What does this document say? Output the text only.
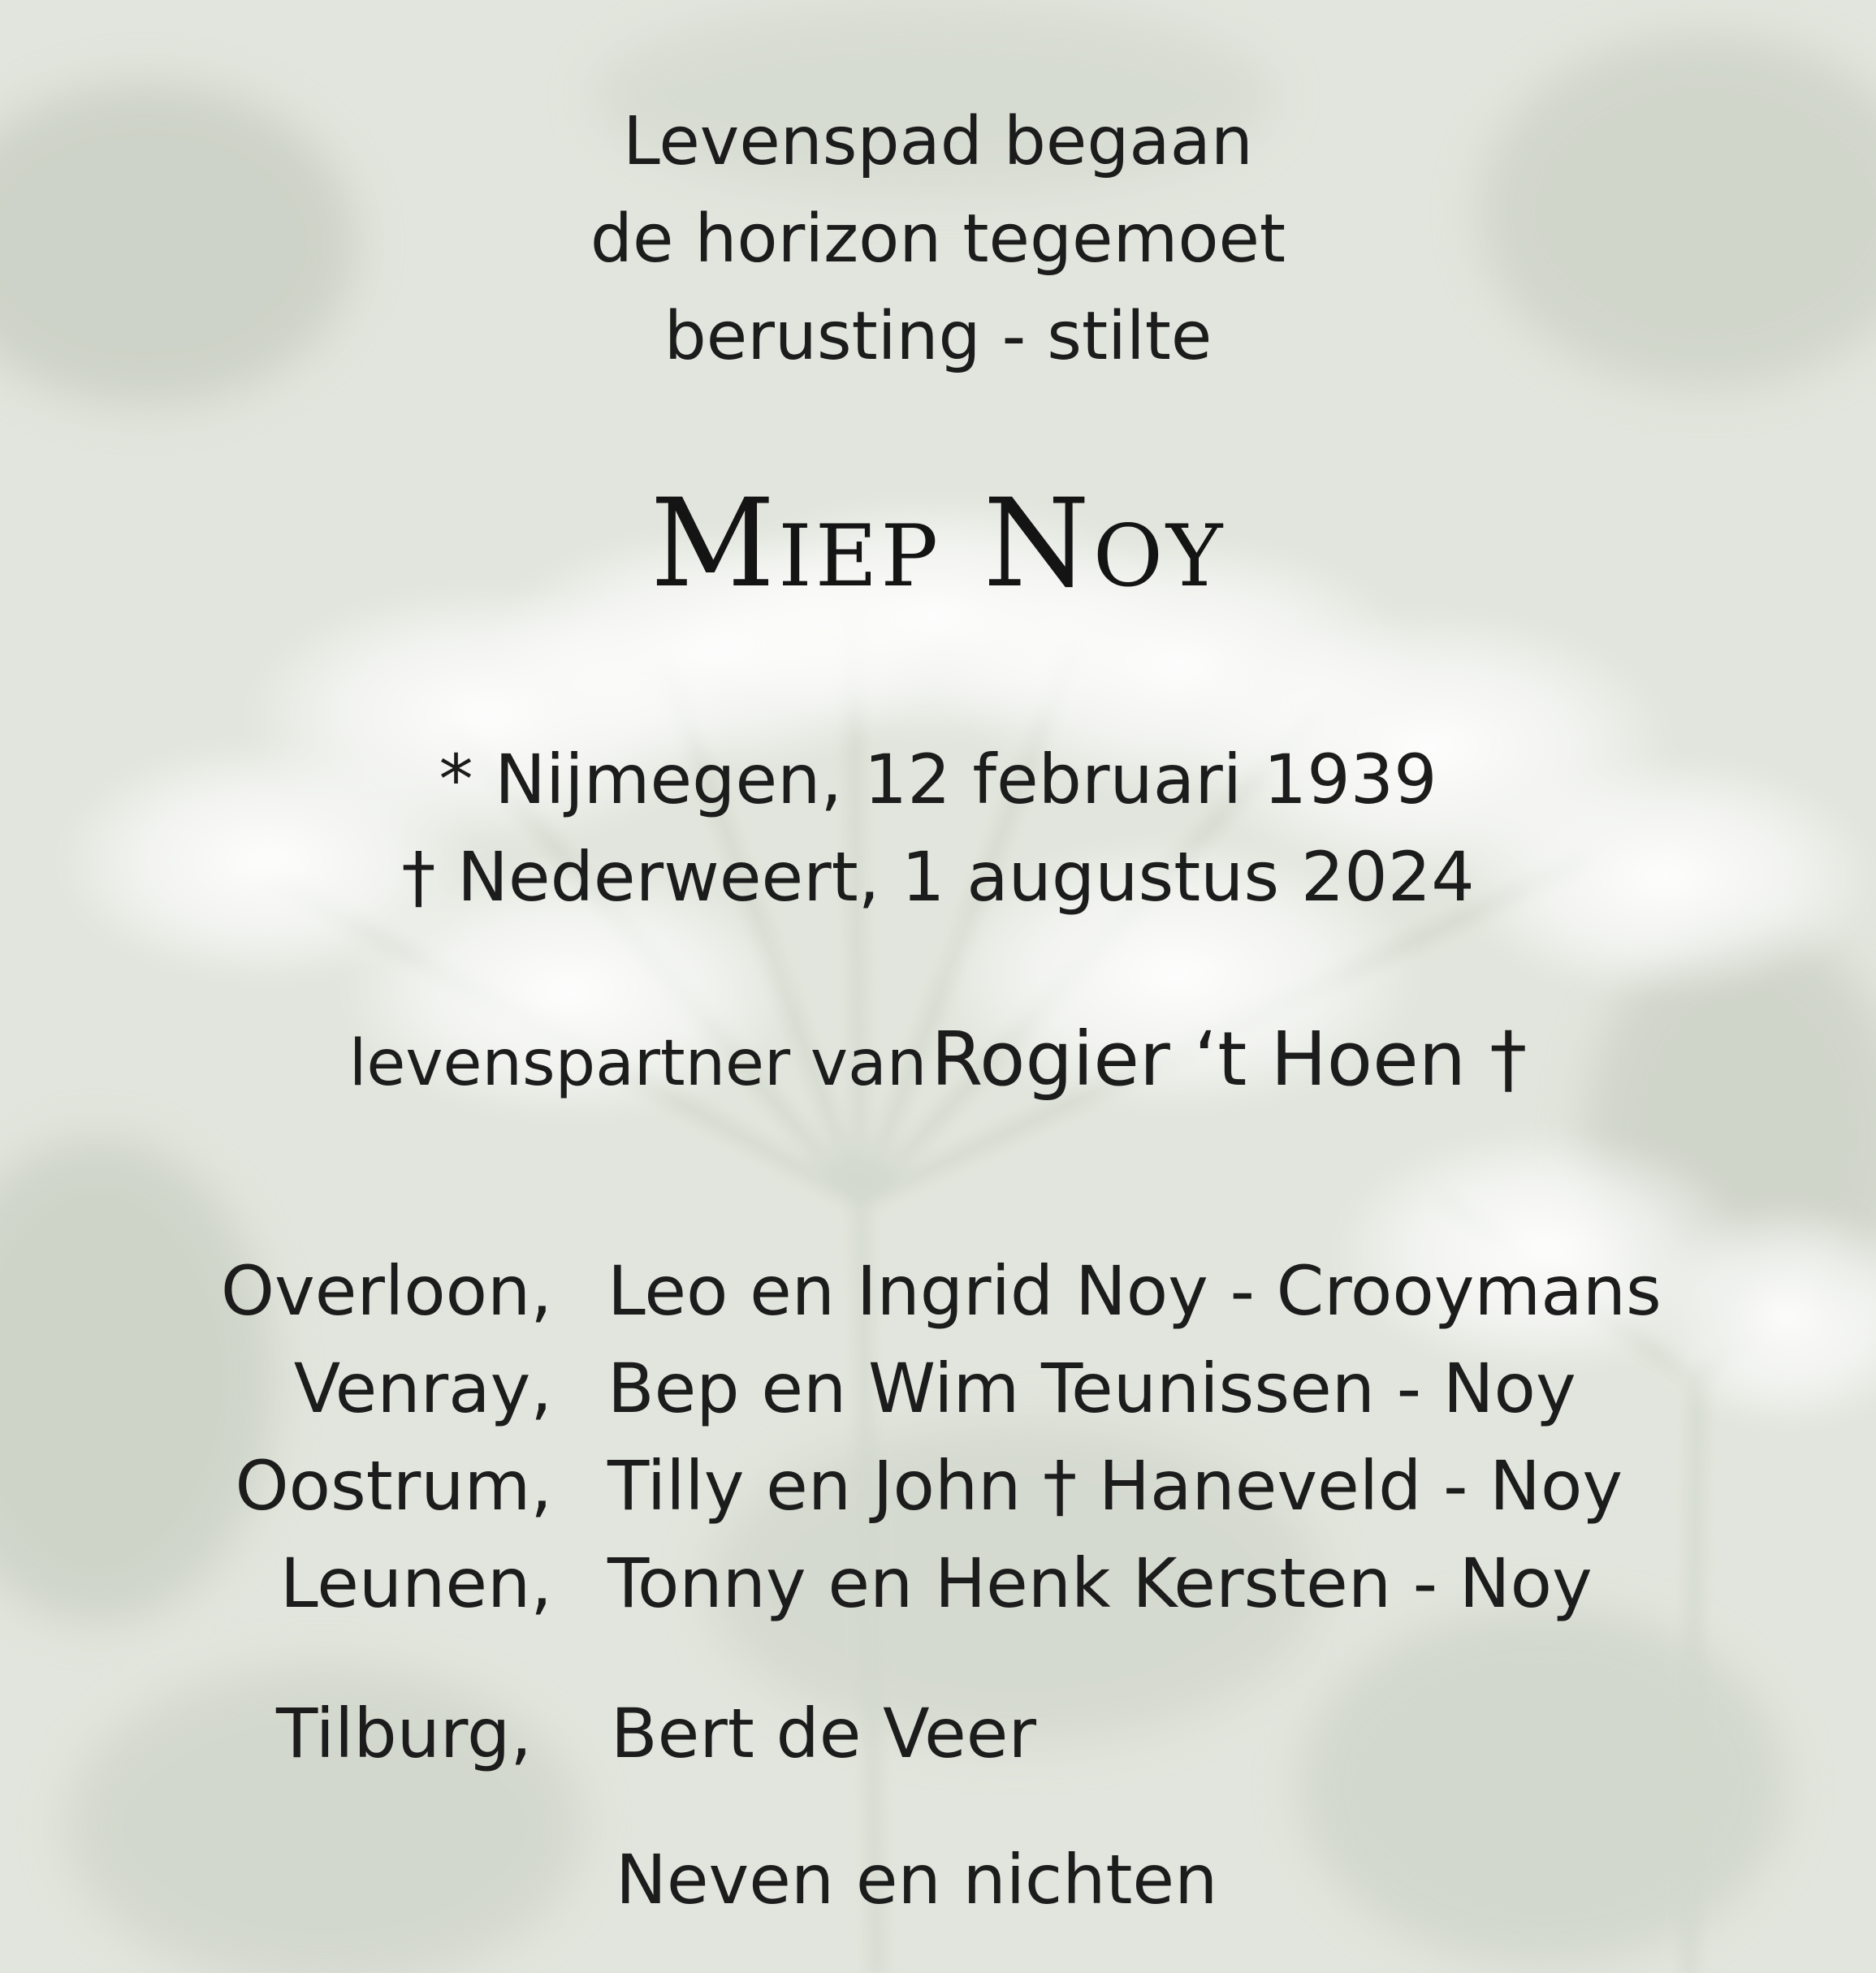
Levenspad begaan
de horizon tegemoet
berusting - stilte
Miep Noy
* Nijmegen, 12 februari 1939
† Nederweert, 1 augustus 2024
levenspartner van Rogier ‘t Hoen †
Overloon, Leo en Ingrid Noy - Crooymans
Venray, Bep en Wim Teunissen - Noy
Oostrum, Tilly en John † Haneveld - Noy
Leunen, Tonny en Henk Kersten - Noy
Tilburg, Bert de Veer
Neven en nichten
